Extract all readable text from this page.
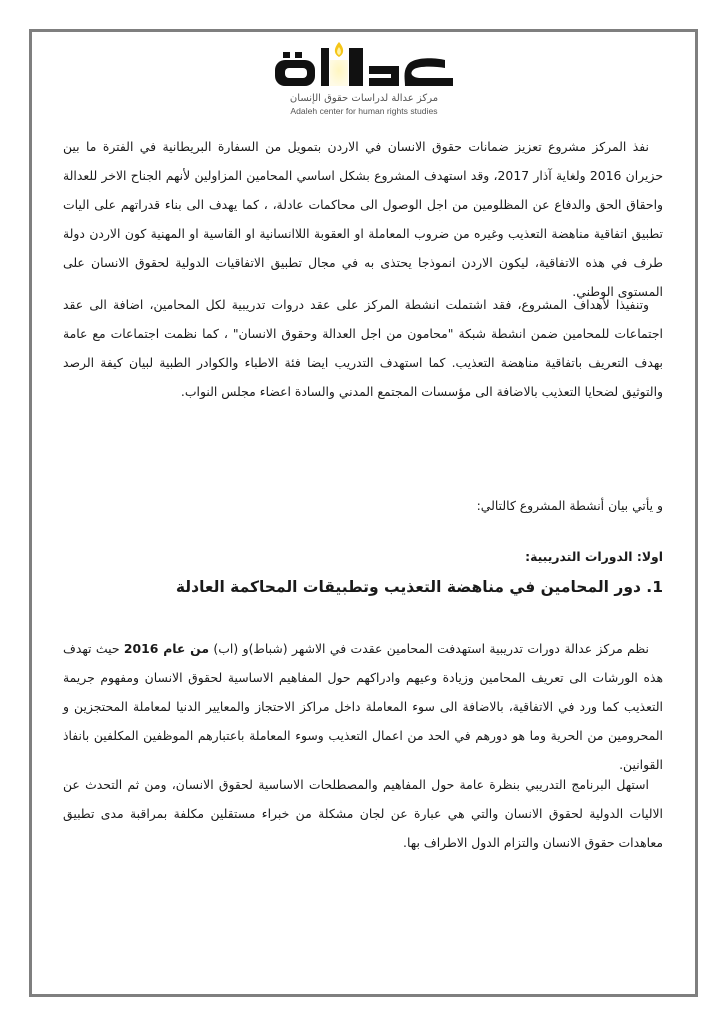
مركز عدالة لدراسات حقوق الإنسان
Adaleh center for human rights studies

نفذ المركز مشروع تعزيز ضمانات حقوق الانسان في الاردن بتمويل من السفارة البريطانية في الفترة ما بين حزيران 2016 ولغاية آذار 2017، وقد استهدف المشروع بشكل اساسي المحامين المزاولين لأنهم الجناح الاخر للعدالة واحقاق الحق والدفاع عن المظلومين من اجل الوصول الى محاكمات عادلة، ، كما يهدف الى بناء قدراتهم على اليات تطبيق اتفاقية مناهضة التعذيب وغيره من ضروب المعاملة او العقوبة اللاانسانية او القاسية او المهنية كون الاردن دولة طرف في هذه الاتفاقية، ليكون الاردن انموذجا يحتذى به في مجال تطبيق الاتفاقيات الدولية لحقوق الانسان على المستوى الوطني.

وتنفيذا لأهداف المشروع، فقد اشتملت انشطة المركز على عقد دروات تدريبية لكل المحامين، اضافة الى عقد اجتماعات للمحامين ضمن انشطة شبكة "محامون من اجل العدالة وحقوق الانسان" ، كما نظمت اجتماعات مع عامة بهدف التعريف باتفاقية مناهضة التعذيب. كما استهدف التدريب ايضا فئة الاطباء والكوادر الطبية لبيان كيفة الرصد والتوثيق لضحايا التعذيب بالاضافة الى مؤسسات المجتمع المدني والسادة اعضاء مجلس النواب.

و يأتي بيان أنشطة المشروع كالتالي:

اولا: الدورات التدريبية:
1. دور المحامين في مناهضة التعذيب وتطبيقات المحاكمة العادلة

نظم مركز عدالة دورات تدريبية استهدفت المحامين عقدت في الاشهر (شباط)و (اب) من عام 2016 حيث تهدف هذه الورشات الى تعريف المحامين وزيادة وعيهم وادراكهم حول المفاهيم الاساسية لحقوق الانسان ومفهوم جريمة التعذيب كما ورد في الاتفاقية، بالاضافة الى سوء المعاملة داخل مراكز الاحتجاز والمعايير الدنيا لمعاملة المحتجزين و المحرومين من الحرية وما هو دورهم في الحد من اعمال التعذيب وسوء المعاملة باعتبارهم الموظفين المكلفين بانفاذ القوانين.

استهل البرنامج التدريبي بنظرة عامة حول المفاهيم والمصطلحات الاساسية لحقوق الانسان، ومن ثم التحدث عن الاليات الدولية لحقوق الانسان والتي هي عبارة عن لجان مشكلة من خبراء مستقلين مكلفة بمراقبة مدى تطبيق معاهدات حقوق الانسان والتزام الدول الاطراف بها.
